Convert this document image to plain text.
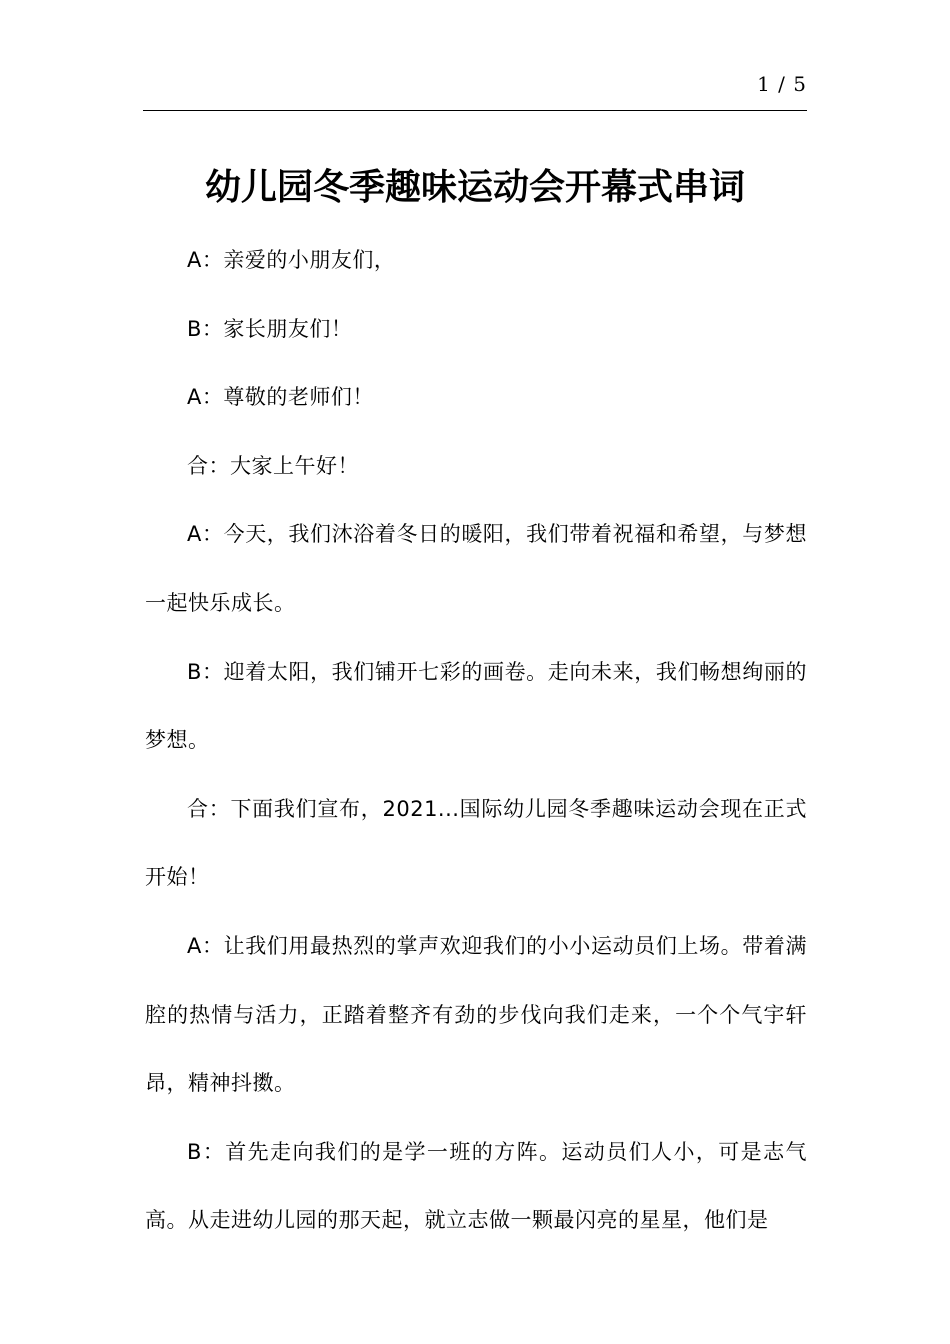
1 / 5
幼儿园冬季趣味运动会开幕式串词

A：亲爱的小朋友们，

B：家长朋友们！

A：尊敬的老师们！

合：大家上午好！

A：今天，我们沐浴着冬日的暖阳，我们带着祝福和希望，与梦想一起快乐成长。

B：迎着太阳，我们铺开七彩的画卷。走向未来，我们畅想绚丽的梦想。

合：下面我们宣布，2021...国际幼儿园冬季趣味运动会现在正式开始！

A：让我们用最热烈的掌声欢迎我们的小小运动员们上场。带着满腔的热情与活力，正踏着整齐有劲的步伐向我们走来，一个个气宇轩昂，精神抖擞。

B：首先走向我们的是学一班的方阵。运动员们人小，可是志气高。从走进幼儿园的那天起，就立志做一颗最闪亮的星星，他们是
